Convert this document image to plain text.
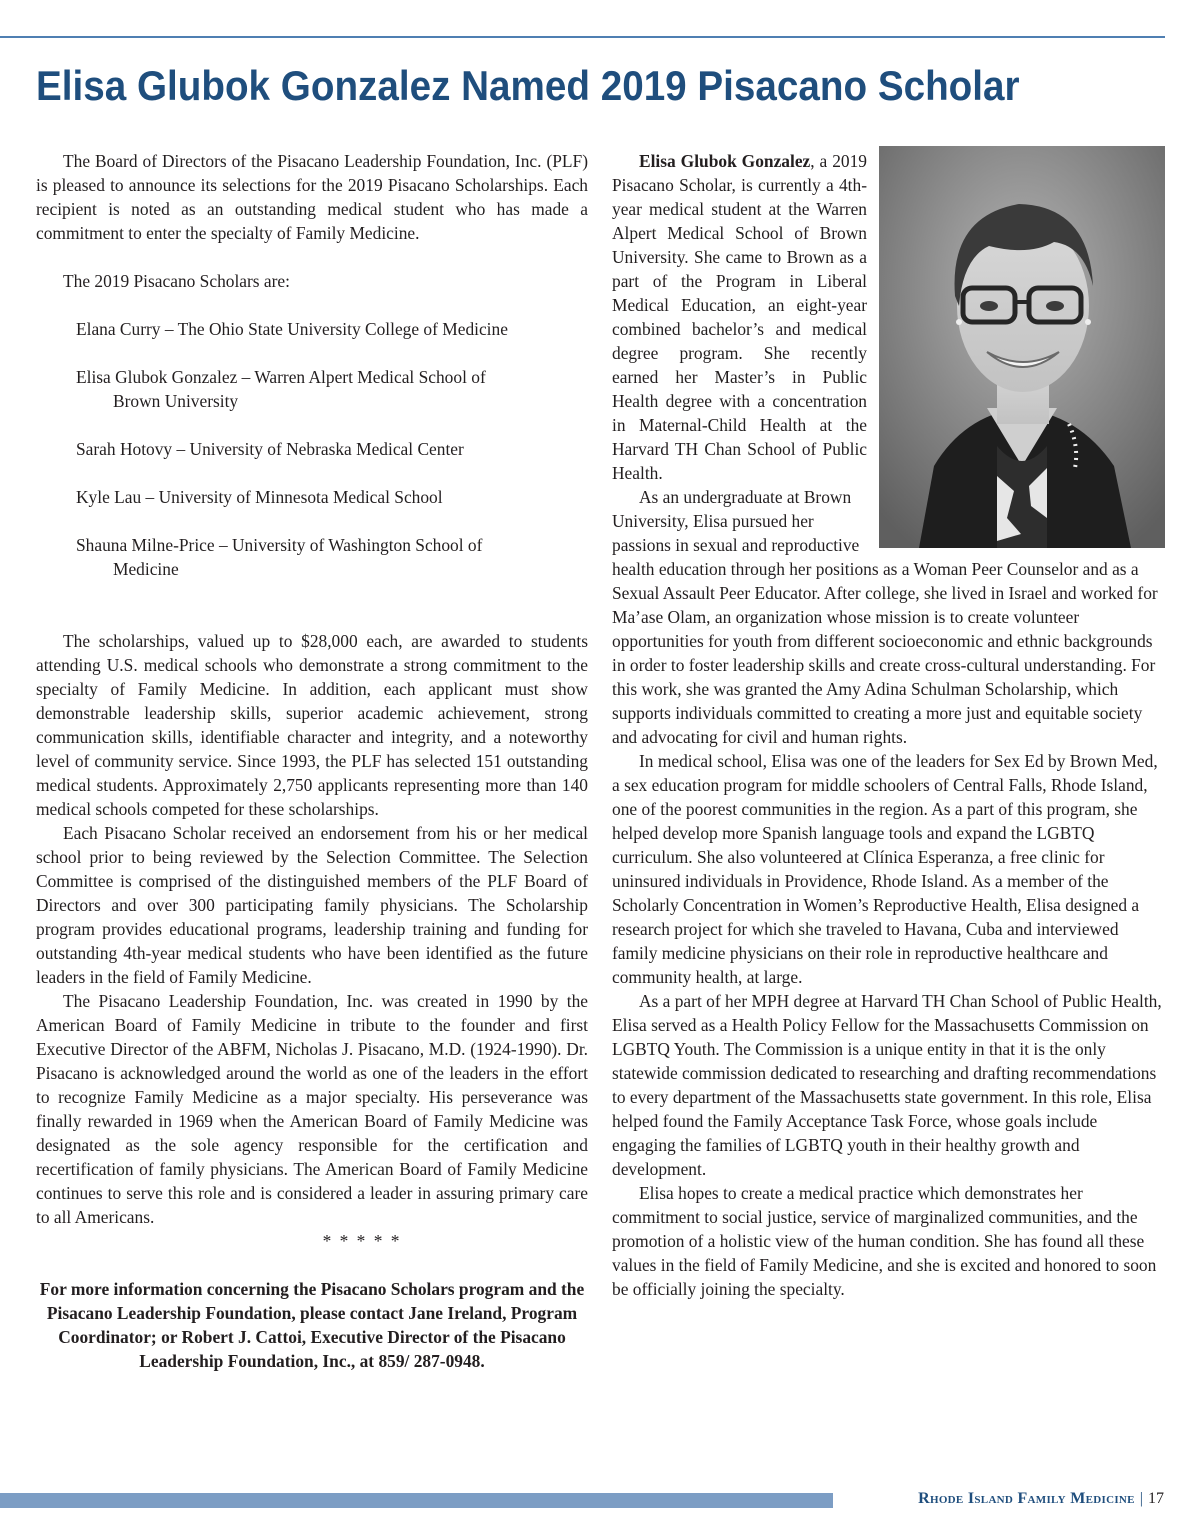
Elisa Glubok Gonzalez Named 2019 Pisacano Scholar

The Board of Directors of the Pisacano Leadership Foundation, Inc. (PLF) is pleased to announce its selections for the 2019 Pisacano Scholarships. Each recipient is noted as an outstanding medical student who has made a commitment to enter the specialty of Family Medicine.

The 2019 Pisacano Scholars are:

Elana Curry – The Ohio State University College of Medicine
Elisa Glubok Gonzalez – Warren Alpert Medical School of
Brown University
Sarah Hotovy – University of Nebraska Medical Center
Kyle Lau – University of Minnesota Medical School
Shauna Milne-Price – University of Washington School of
Medicine

The scholarships, valued up to $28,000 each, are awarded to students attending U.S. medical schools who demonstrate a strong commitment to the specialty of Family Medicine. In addition, each applicant must show demonstrable leadership skills, superior academic achievement, strong communication skills, identifiable character and integrity, and a noteworthy level of community service. Since 1993, the PLF has selected 151 outstanding medical students. Approximately 2,750 applicants representing more than 140 medical schools competed for these scholarships.

Each Pisacano Scholar received an endorsement from his or her medical school prior to being reviewed by the Selection Committee. The Selection Committee is comprised of the distinguished members of the PLF Board of Directors and over 300 participating family physicians. The Scholarship program provides educational programs, leadership training and funding for outstanding 4th-year medical students who have been identified as the future leaders in the field of Family Medicine.

The Pisacano Leadership Foundation, Inc. was created in 1990 by the American Board of Family Medicine in tribute to the founder and first Executive Director of the ABFM, Nicholas J. Pisacano, M.D. (1924-1990). Dr. Pisacano is acknowledged around the world as one of the leaders in the effort to recognize Family Medicine as a major specialty. His perseverance was finally rewarded in 1969 when the American Board of Family Medicine was designated as the sole agency responsible for the certification and recertification of family physicians. The American Board of Family Medicine continues to serve this role and is considered a leader in assuring primary care to all Americans.

* * * * *

For more information concerning the Pisacano Scholars program and the Pisacano Leadership Foundation, please contact Jane Ireland, Program Coordinator; or Robert J. Cattoi, Executive Director of the Pisacano Leadership Foundation, Inc., at 859/ 287-0948.

Elisa Glubok Gonzalez, a 2019 Pisacano Scholar, is currently a 4th-year medical student at the Warren Alpert Medical School of Brown University. She came to Brown as a part of the Program in Liberal Medical Education, an eight-year combined bachelor’s and medical degree program. She recently earned her Master’s in Public Health degree with a concentration in Maternal-Child Health at the Harvard TH Chan School of Public Health.

As an undergraduate at Brown University, Elisa pursued her passions in sexual and reproductive health education through her positions as a Woman Peer Counselor and as a Sexual Assault Peer Educator. After college, she lived in Israel and worked for Ma’ase Olam, an organization whose mission is to create volunteer opportunities for youth from different socioeconomic and ethnic backgrounds in order to foster leadership skills and create cross-cultural understanding. For this work, she was granted the Amy Adina Schulman Scholarship, which supports individuals committed to creating a more just and equitable society and advocating for civil and human rights.

In medical school, Elisa was one of the leaders for Sex Ed by Brown Med, a sex education program for middle schoolers of Central Falls, Rhode Island, one of the poorest communities in the region. As a part of this program, she helped develop more Spanish language tools and expand the LGBTQ curriculum. She also volunteered at Clínica Esperanza, a free clinic for uninsured individuals in Providence, Rhode Island. As a member of the Scholarly Concentration in Women’s Reproductive Health, Elisa designed a research project for which she traveled to Havana, Cuba and interviewed family medicine physicians on their role in reproductive healthcare and community health, at large.

As a part of her MPH degree at Harvard TH Chan School of Public Health, Elisa served as a Health Policy Fellow for the Massachusetts Commission on LGBTQ Youth. The Commission is a unique entity in that it is the only statewide commission dedicated to researching and drafting recommendations to every department of the Massachusetts state government. In this role, Elisa helped found the Family Acceptance Task Force, whose goals include engaging the families of LGBTQ youth in their healthy growth and development.

Elisa hopes to create a medical practice which demonstrates her commitment to social justice, service of marginalized communities, and the promotion of a holistic view of the human condition. She has found all these values in the field of Family Medicine, and she is excited and honored to soon be officially joining the specialty.

Rhode Island Family Medicine | 17
